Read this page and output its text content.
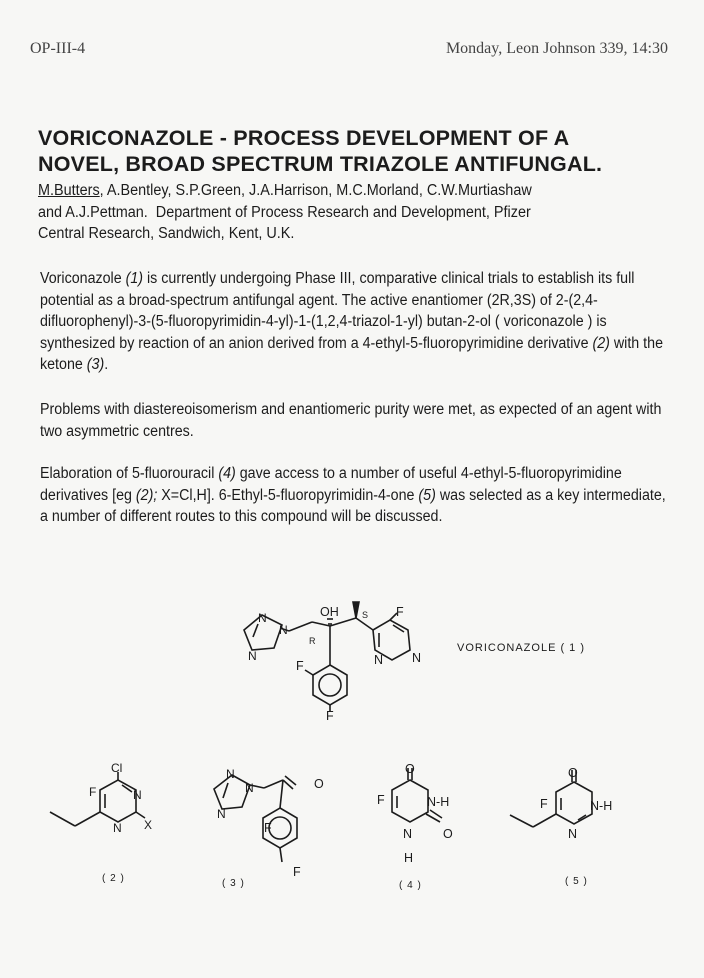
OP-III-4	Monday, Leon Johnson 339, 14:30
VORICONAZOLE - PROCESS DEVELOPMENT OF A
NOVEL, BROAD SPECTRUM TRIAZOLE ANTIFUNGAL.
M.Butters, A.Bentley, S.P.Green, J.A.Harrison, M.C.Morland, C.W.Murtiashaw
and A.J.Pettman. Department of Process Research and Development, Pfizer
Central Research, Sandwich, Kent, U.K.
Voriconazole (1) is currently undergoing Phase III, comparative clinical trials to establish its full potential as a broad-spectrum antifungal agent. The active enantiomer (2R,3S) of 2-(2,4-difluorophenyl)-3-(5-fluoropyrimidin-4-yl)-1-(1,2,4-triazol-1-yl) butan-2-ol ( voriconazole ) is synthesized by reaction of an anion derived from a 4-ethyl-5-fluoropyrimidine derivative (2) with the ketone (3).
Problems with diastereoisomerism and enantiomeric purity were met, as expected of an agent with two asymmetric centres.
Elaboration of 5-fluorouracil (4) gave access to a number of useful 4-ethyl-5-fluoropyrimidine derivatives [eg (2); X=Cl,H]. 6-Ethyl-5-fluoropyrimidin-4-one (5) was selected as a key intermediate, a number of different routes to this compound will be discussed.
N
N
N
OH
R
S F
N N
F
F
VORICONAZOLE ( 1 )
Cl
F	N
N X
( 2 )
N
N
N
O
F
F
( 3 )
O
F	N-H
N O
H
( 4 )
O
F	N-H
N
( 5 )
